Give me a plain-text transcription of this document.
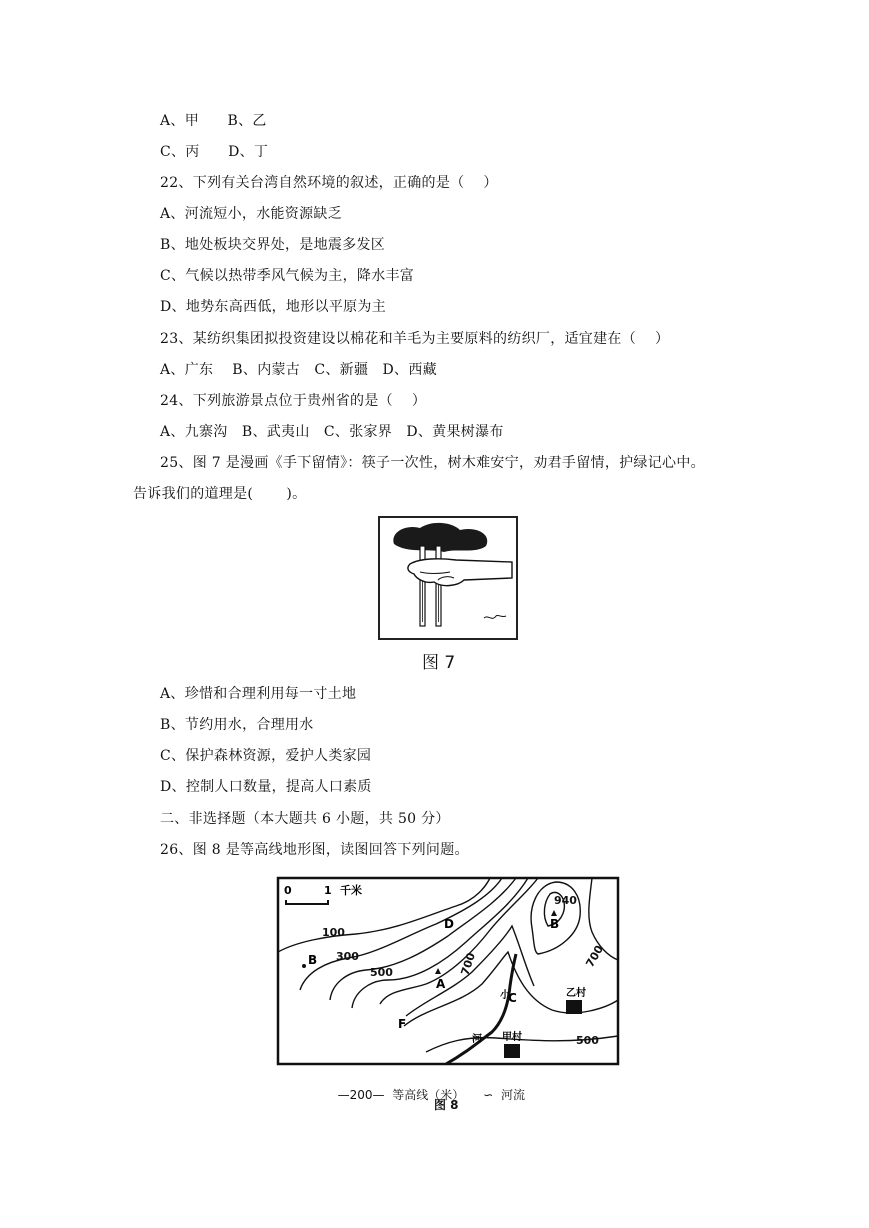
A、甲      B、乙
C、丙      D、丁
22、下列有关台湾自然环境的叙述，正确的是（    ）
A、河流短小，水能资源缺乏
B、地处板块交界处，是地震多发区
C、气候以热带季风气候为主，降水丰富
D、地势东高西低，地形以平原为主
23、某纺织集团拟投资建设以棉花和羊毛为主要原料的纺织厂，适宜建在（    ）
A、广东    B、内蒙古   C、新疆   D、西藏
24、下列旅游景点位于贵州省的是（    ）
A、九寨沟   B、武夷山   C、张家界   D、黄果树瀑布
25、图 7 是漫画《手下留情》：筷子一次性，树木难安宁，劝君手留情，护绿记心中。
告诉我们的道理是(       )。
图 7
A、珍惜和合理利用每一寸土地
B、节约用水，合理用水
C、保护森林资源，爱护人类家园
D、控制人口数量，提高人口素质
二、非选择题（本大题共 6 小题，共 50 分）
26、图 8 是等高线地形图，读图回答下列问题。
0	1 千米
100
300
500	700
940
700
500
A
B
B
D
F
C
小
河 甲村
乙村

—200—  等高线（米）     ∽  河流

图 8
